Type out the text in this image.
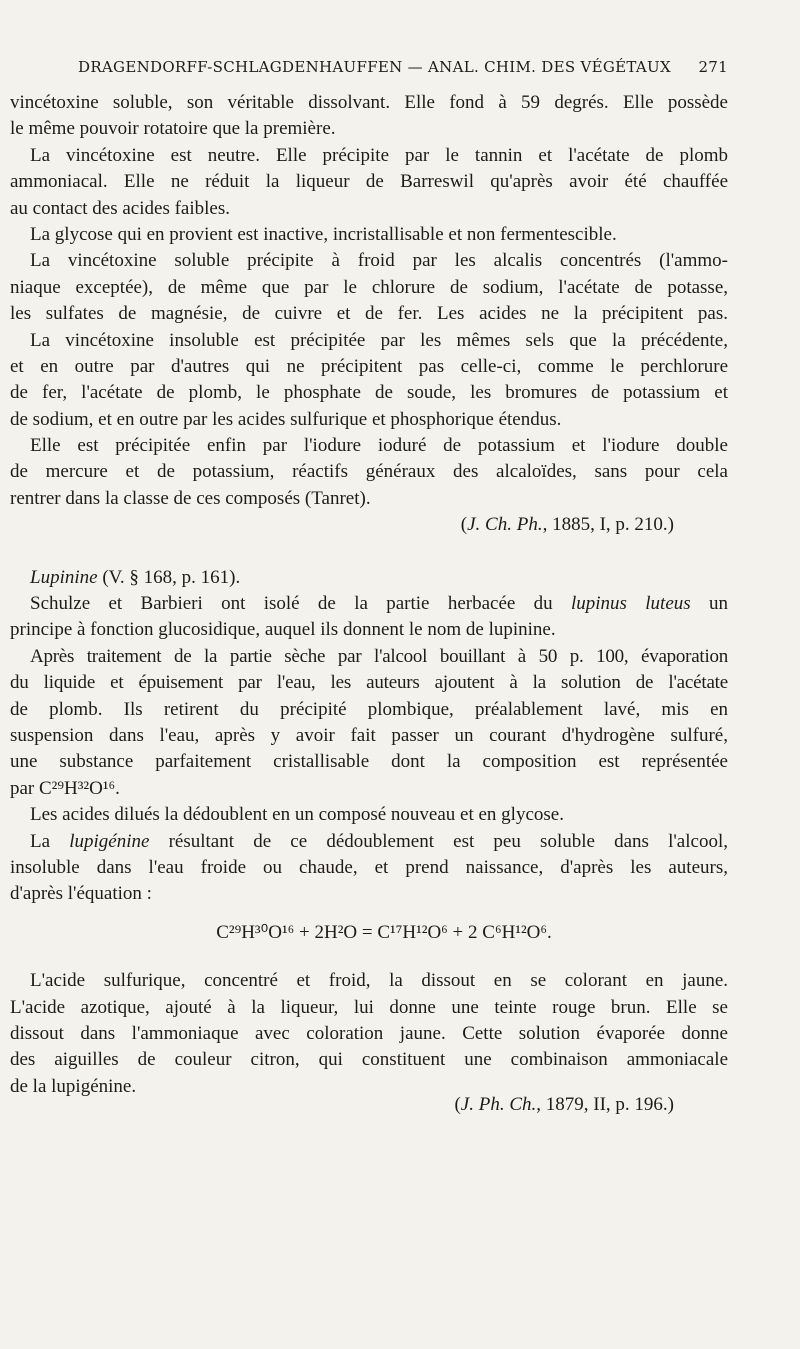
DRAGENDORFF-SCHLAGDENHAUFFEN — ANAL. CHIM. DES VÉGÉTAUX 271
vincétoxine soluble, son véritable dissolvant. Elle fond à 59 degrés. Elle possède
le même pouvoir rotatoire que la première.
La vincétoxine est neutre. Elle précipite par le tannin et l'acétate de plomb
ammoniacal. Elle ne réduit la liqueur de Barreswil qu'après avoir été chauffée
au contact des acides faibles.
La glycose qui en provient est inactive, incristallisable et non fermentescible.
La vincétoxine soluble précipite à froid par les alcalis concentrés (l'ammo-
niaque exceptée), de même que par le chlorure de sodium, l'acétate de potasse,
les sulfates de magnésie, de cuivre et de fer. Les acides ne la précipitent pas.
La vincétoxine insoluble est précipitée par les mêmes sels que la précédente,
et en outre par d'autres qui ne précipitent pas celle-ci, comme le perchlorure
de fer, l'acétate de plomb, le phosphate de soude, les bromures de potassium et
de sodium, et en outre par les acides sulfurique et phosphorique étendus.
Elle est précipitée enfin par l'iodure ioduré de potassium et l'iodure double
de mercure et de potassium, réactifs généraux des alcaloïdes, sans pour cela
rentrer dans la classe de ces composés (Tanret).
(J. Ch. Ph., 1885, I, p. 210.)
Lupinine (V. § 168, p. 161).
Schulze et Barbieri ont isolé de la partie herbacée du lupinus luteus un
principe à fonction glucosidique, auquel ils donnent le nom de lupinine.
Après traitement de la partie sèche par l'alcool bouillant à 50 p. 100, évaporation
du liquide et épuisement par l'eau, les auteurs ajoutent à la solution de l'acétate
de plomb. Ils retirent du précipité plombique, préalablement lavé, mis en
suspension dans l'eau, après y avoir fait passer un courant d'hydrogène sulfuré,
une substance parfaitement cristallisable dont la composition est représentée
par C²⁹H³²O¹⁶.
Les acides dilués la dédoublent en un composé nouveau et en glycose.
La lupigénine résultant de ce dédoublement est peu soluble dans l'alcool,
insoluble dans l'eau froide ou chaude, et prend naissance, d'après les auteurs,
d'après l'équation :
C²⁹H³⁰O¹⁶ + 2H²O = C¹⁷H¹²O⁶ + 2 C⁶H¹²O⁶.
L'acide sulfurique, concentré et froid, la dissout en se colorant en jaune.
L'acide azotique, ajouté à la liqueur, lui donne une teinte rouge brun. Elle se
dissout dans l'ammoniaque avec coloration jaune. Cette solution évaporée donne
des aiguilles de couleur citron, qui constituent une combinaison ammoniacale
de la lupigénine.
(J. Ph. Ch., 1879, II, p. 196.)
